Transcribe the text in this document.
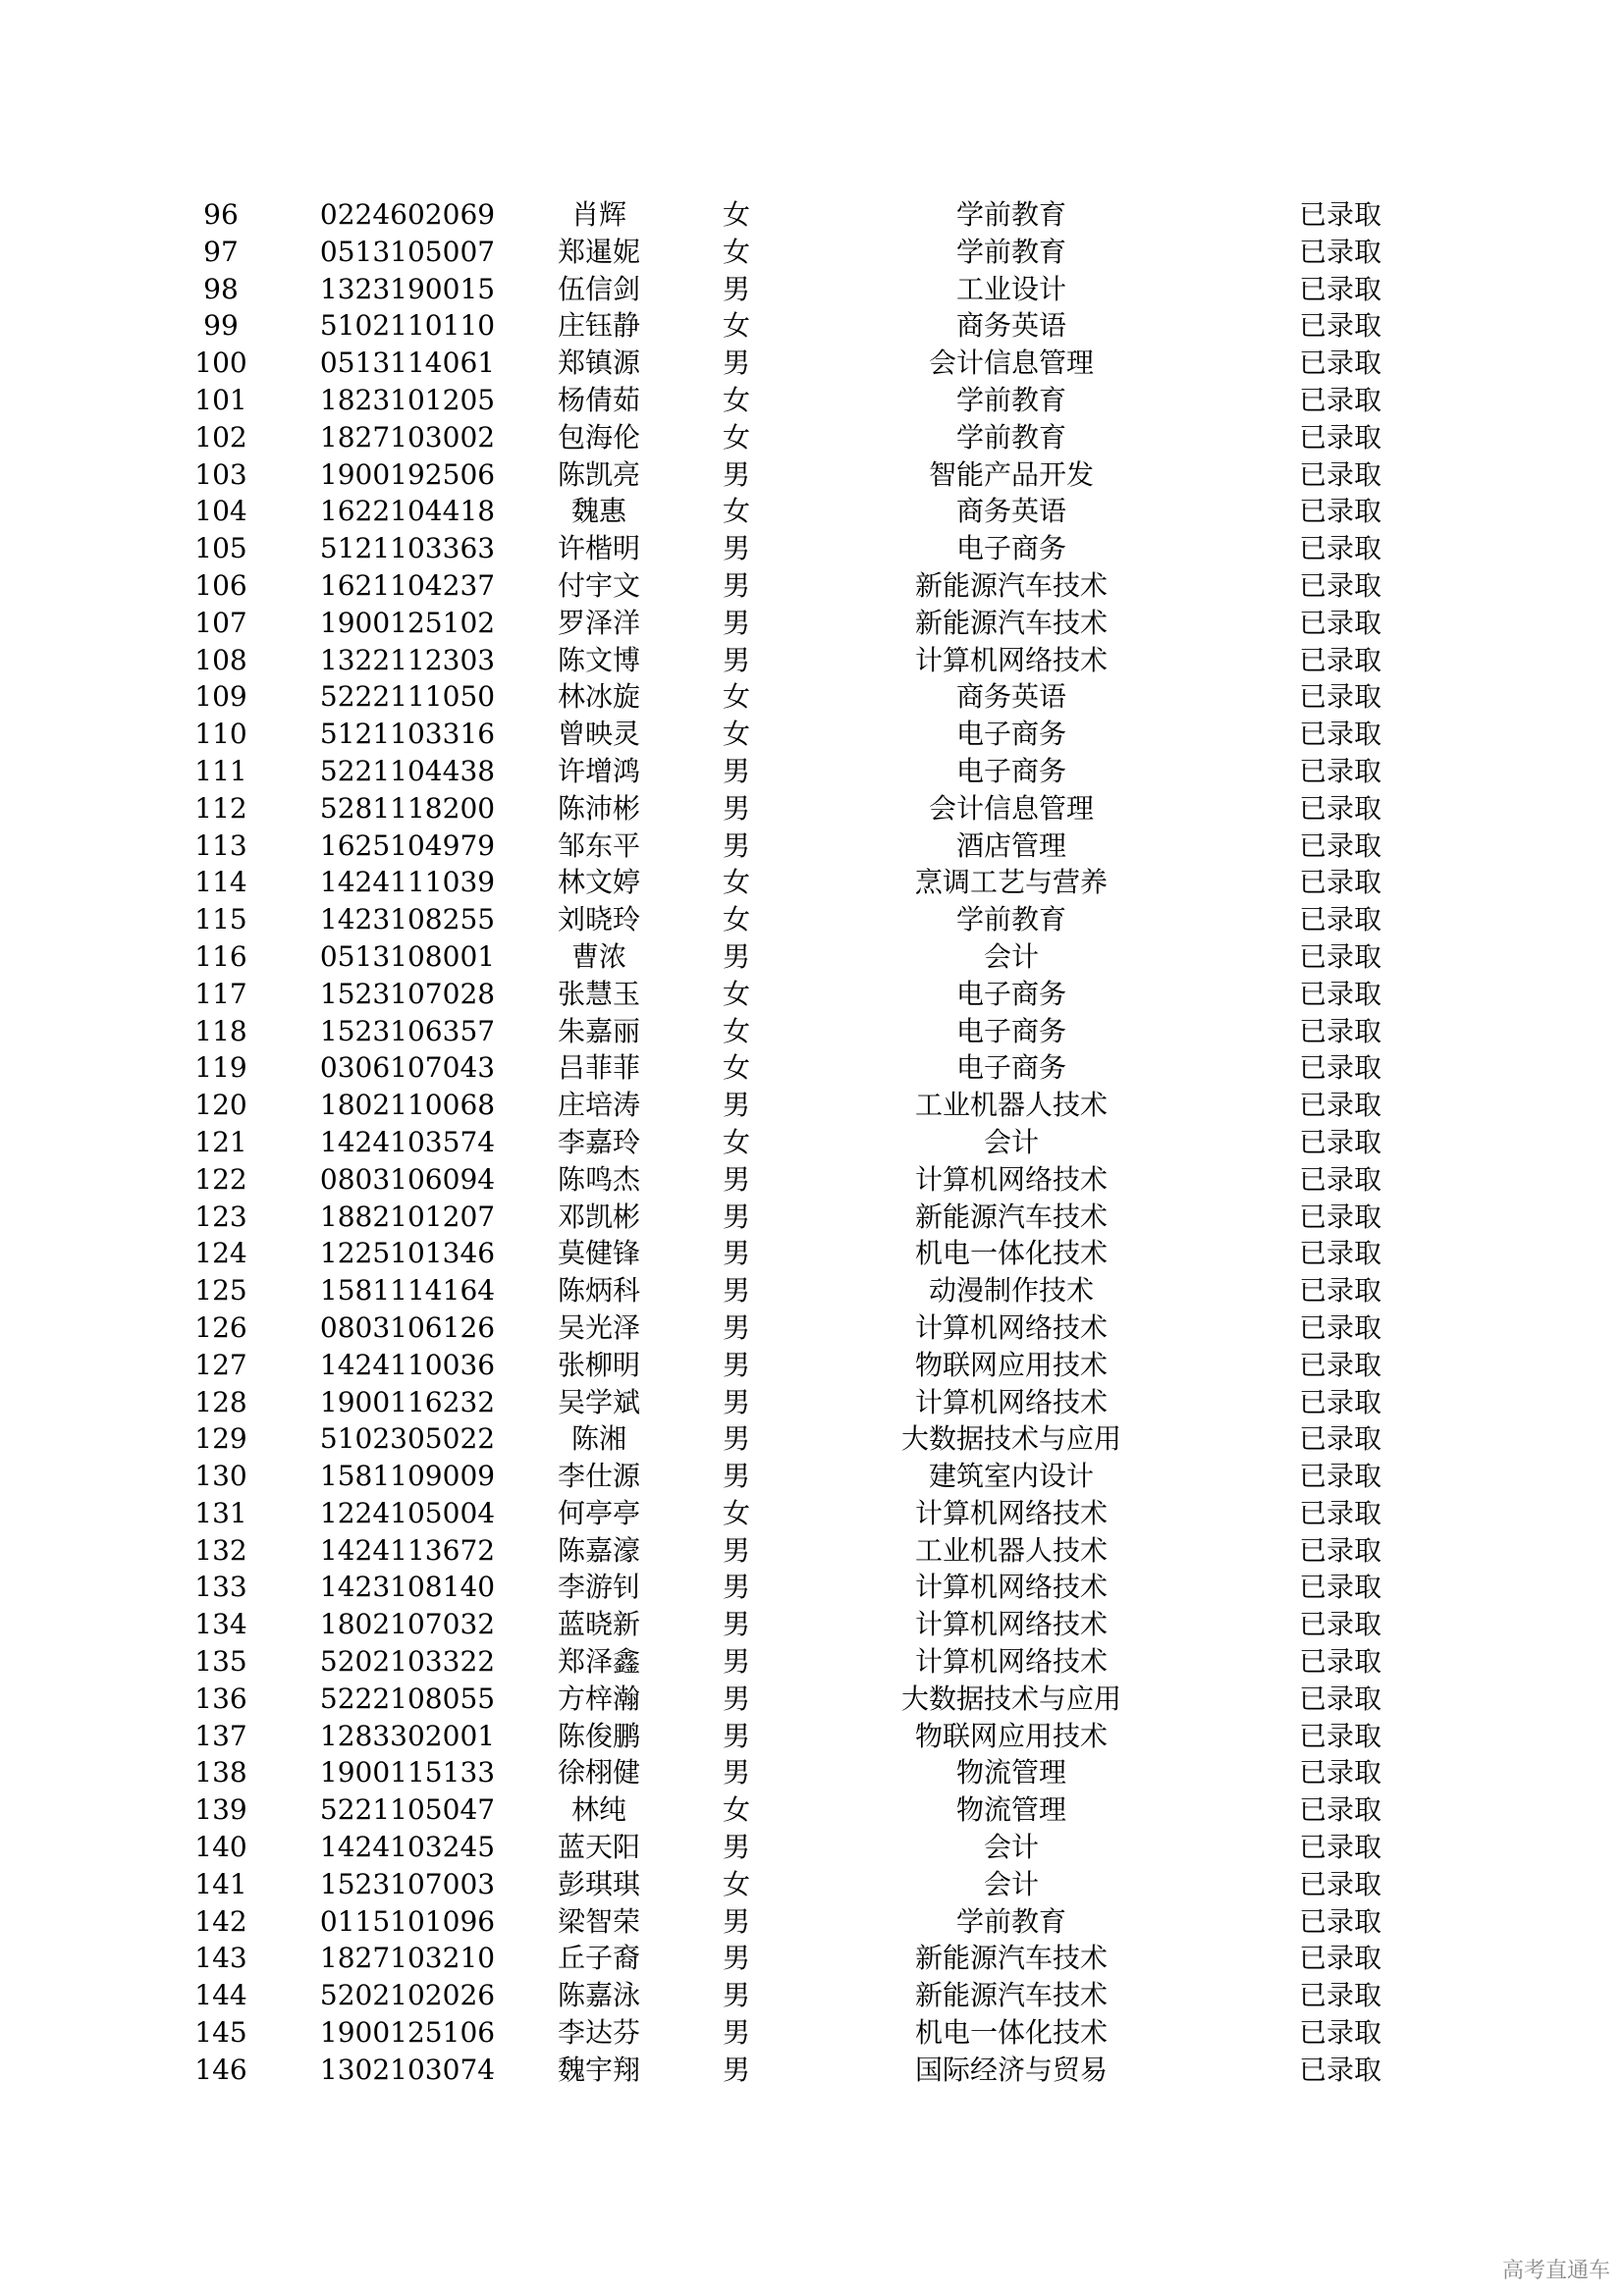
96	0224602069	肖辉	女	学前教育	已录取
97	0513105007	郑暹妮	女	学前教育	已录取
98	1323190015	伍信剑	男	工业设计	已录取
99	5102110110	庄钰静	女	商务英语	已录取
100	0513114061	郑镇源	男	会计信息管理	已录取
101	1823101205	杨倩茹	女	学前教育	已录取
102	1827103002	包海伦	女	学前教育	已录取
103	1900192506	陈凯亮	男	智能产品开发	已录取
104	1622104418	魏惠	女	商务英语	已录取
105	5121103363	许楷明	男	电子商务	已录取
106	1621104237	付宇文	男	新能源汽车技术	已录取
107	1900125102	罗泽洋	男	新能源汽车技术	已录取
108	1322112303	陈文博	男	计算机网络技术	已录取
109	5222111050	林冰旋	女	商务英语	已录取
110	5121103316	曾映灵	女	电子商务	已录取
111	5221104438	许增鸿	男	电子商务	已录取
112	5281118200	陈沛彬	男	会计信息管理	已录取
113	1625104979	邹东平	男	酒店管理	已录取
114	1424111039	林文婷	女	烹调工艺与营养	已录取
115	1423108255	刘晓玲	女	学前教育	已录取
116	0513108001	曹浓	男	会计	已录取
117	1523107028	张慧玉	女	电子商务	已录取
118	1523106357	朱嘉丽	女	电子商务	已录取
119	0306107043	吕菲菲	女	电子商务	已录取
120	1802110068	庄培涛	男	工业机器人技术	已录取
121	1424103574	李嘉玲	女	会计	已录取
122	0803106094	陈鸣杰	男	计算机网络技术	已录取
123	1882101207	邓凯彬	男	新能源汽车技术	已录取
124	1225101346	莫健锋	男	机电一体化技术	已录取
125	1581114164	陈炳科	男	动漫制作技术	已录取
126	0803106126	吴光泽	男	计算机网络技术	已录取
127	1424110036	张柳明	男	物联网应用技术	已录取
128	1900116232	吴学斌	男	计算机网络技术	已录取
129	5102305022	陈湘	男	大数据技术与应用	已录取
130	1581109009	李仕源	男	建筑室内设计	已录取
131	1224105004	何亭亭	女	计算机网络技术	已录取
132	1424113672	陈嘉濠	男	工业机器人技术	已录取
133	1423108140	李游钊	男	计算机网络技术	已录取
134	1802107032	蓝晓新	男	计算机网络技术	已录取
135	5202103322	郑泽鑫	男	计算机网络技术	已录取
136	5222108055	方梓瀚	男	大数据技术与应用	已录取
137	1283302001	陈俊鹏	男	物联网应用技术	已录取
138	1900115133	徐栩健	男	物流管理	已录取
139	5221105047	林纯	女	物流管理	已录取
140	1424103245	蓝天阳	男	会计	已录取
141	1523107003	彭琪琪	女	会计	已录取
142	0115101096	梁智荣	男	学前教育	已录取
143	1827103210	丘子裔	男	新能源汽车技术	已录取
144	5202102026	陈嘉泳	男	新能源汽车技术	已录取
145	1900125106	李达芬	男	机电一体化技术	已录取
146	1302103074	魏宇翔	男	国际经济与贸易	已录取
高考直通车
